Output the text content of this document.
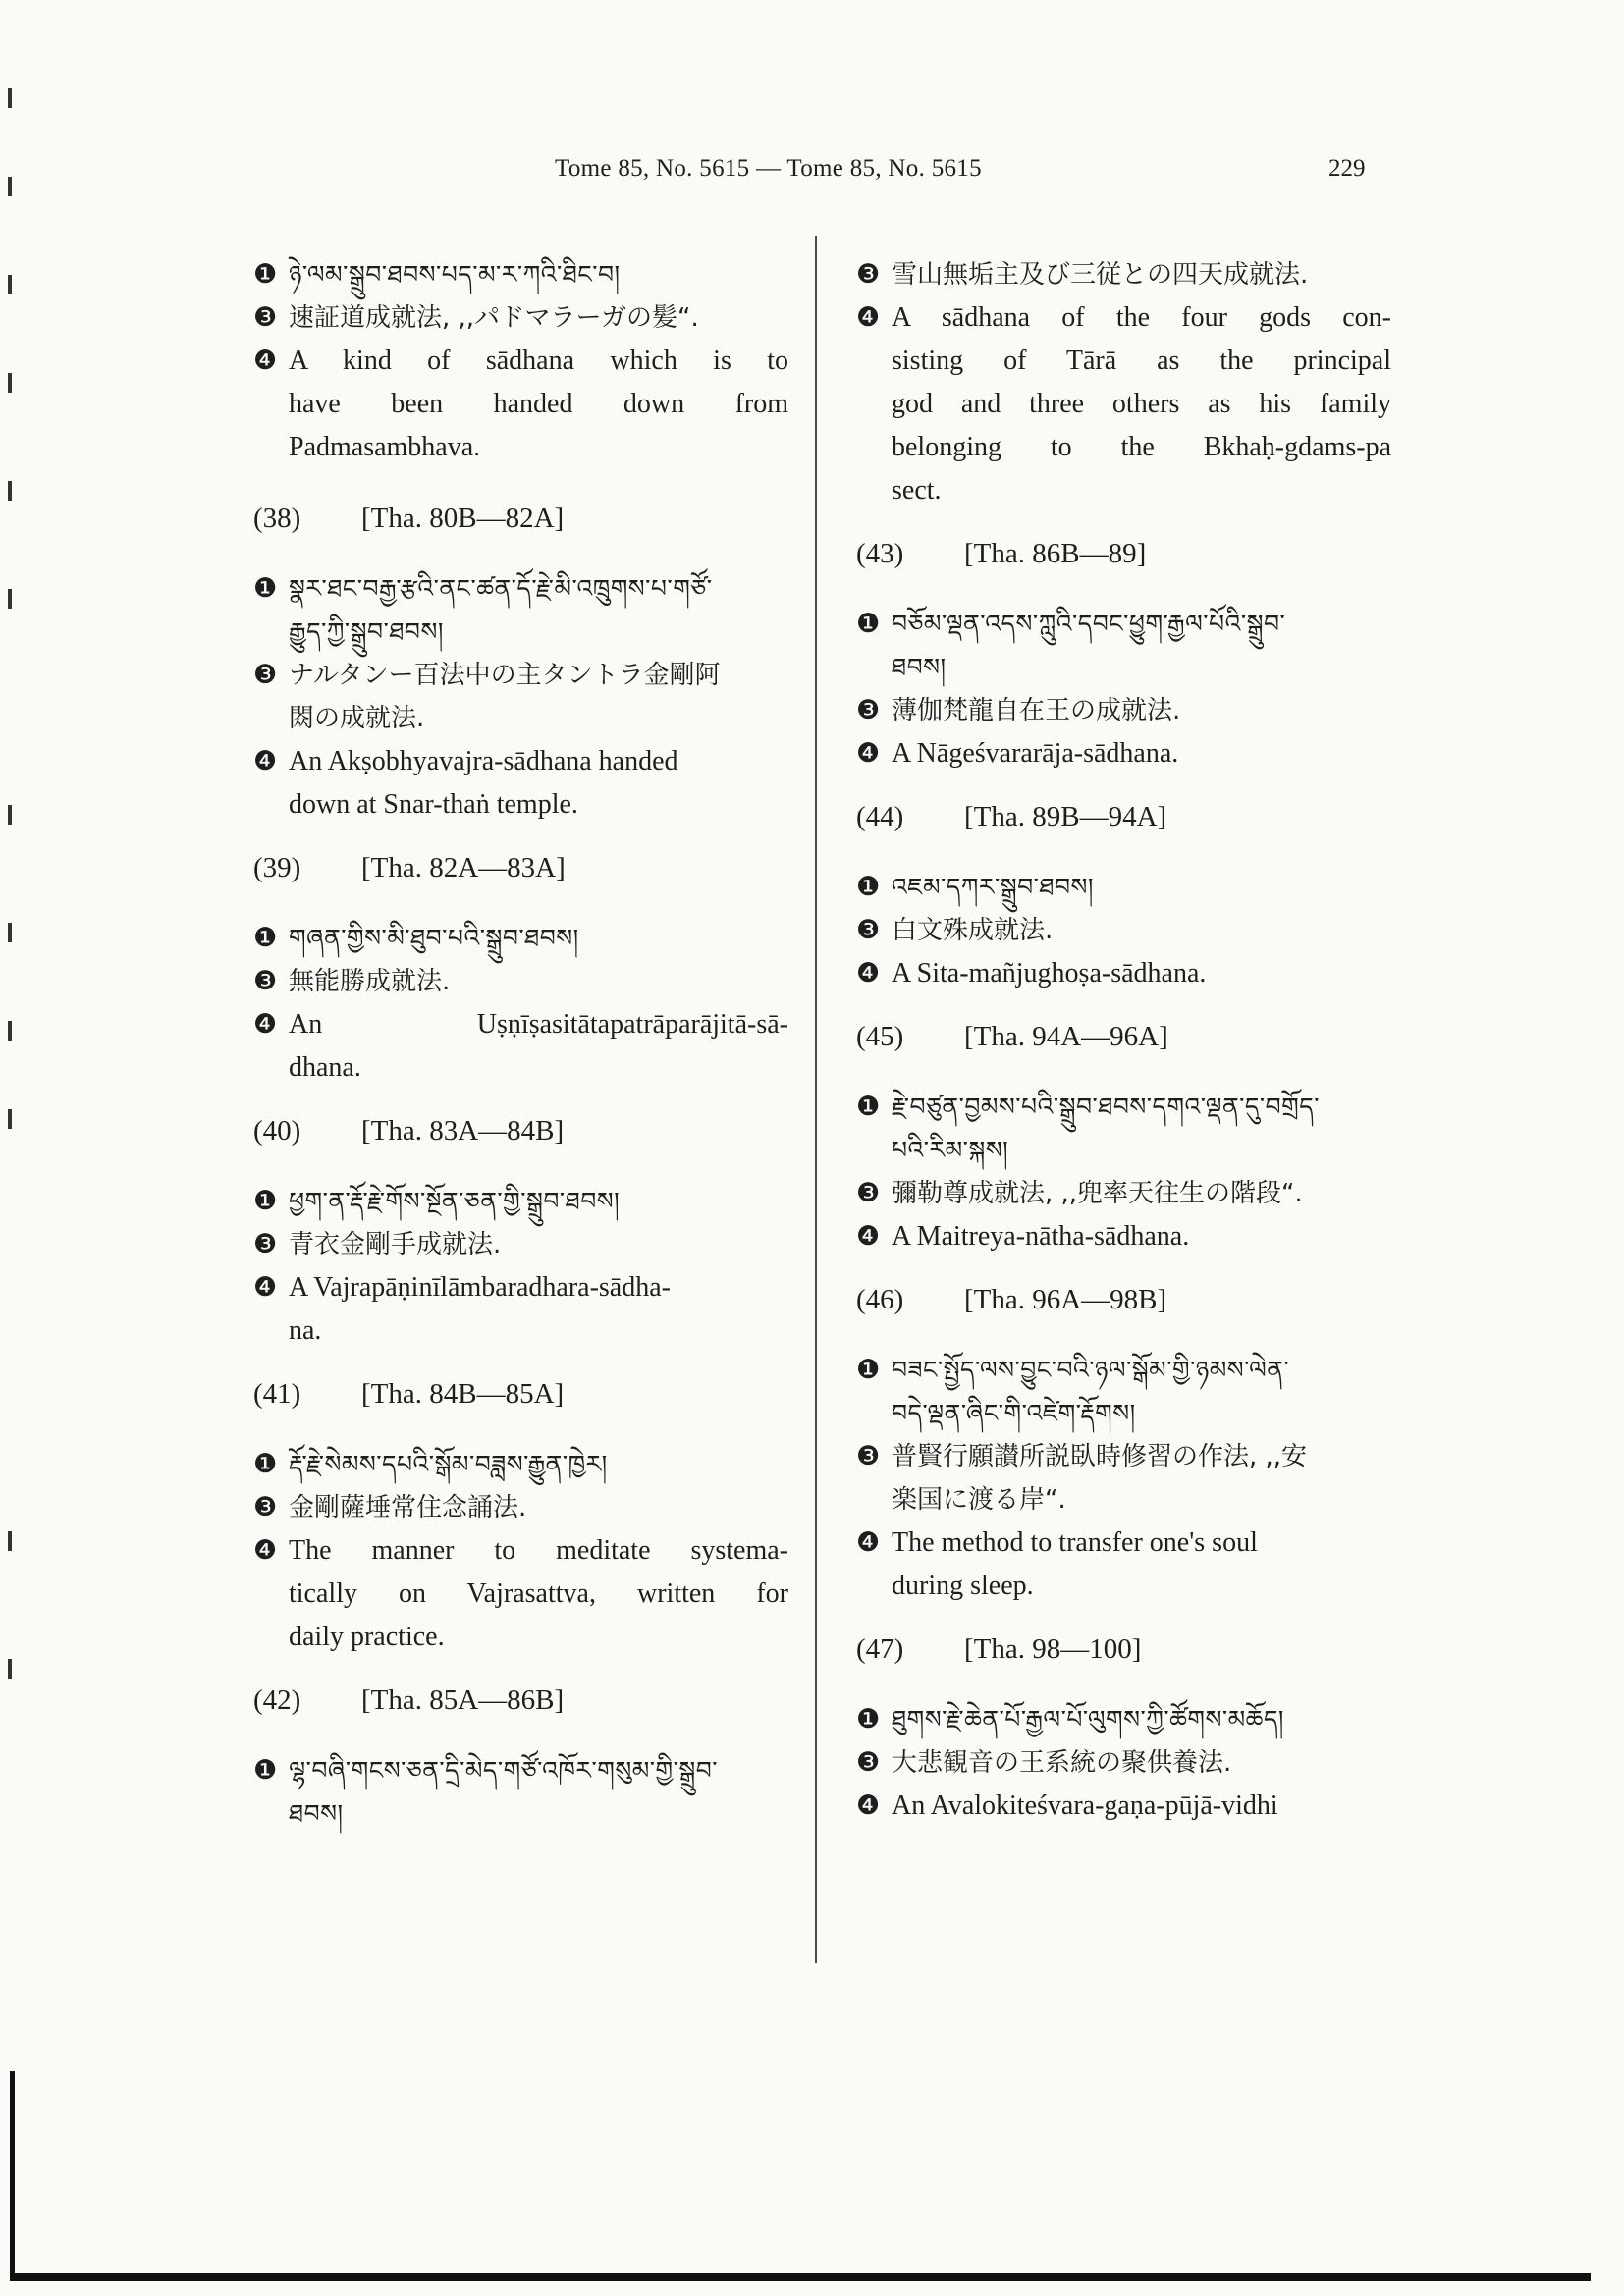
Tome 85, No. 5615 — Tome 85, No. 5615	229
❶ ཉེ་ལམ་སྒྲུབ་ཐབས་པད་མ་ར་ཀའི་ཐིང་བ།
❸ 速証道成就法, ,,パドマラーガの髪“.
❹ A kind of sādhana which is to
have been handed down from
Padmasambhava.
(38)	[Tha. 80B—82A]
❶ སྣར་ཐང་བརྒྱ་རྩའི་ནང་ཚན་དོ་རྗེ་མི་འཁྲུགས་པ་གཙོ་
རྒྱུད་ཀྱི་སྒྲུབ་ཐབས།
❸ ナルタンー百法中の主タントラ金剛阿
閦の成就法.
❹ An Akṣobhyavajra-sādhana handed
down at Snar-thaṅ temple.
(39)	[Tha. 82A—83A]
❶ གཞན་གྱིས་མི་ཐུབ་པའི་སྒྲུབ་ཐབས།
❸ 無能勝成就法.
❹ An Uṣṇīṣasitātapatrāparājitā-sā-
dhana.
(40)	[Tha. 83A—84B]
❶ ཕྱག་ན་རྡོ་རྗེ་གོས་སྔོན་ཅན་གྱི་སྒྲུབ་ཐབས།
❸ 青衣金剛手成就法.
❹ A Vajrapāṇinīlāmbaradhara-sādha-
na.
(41)	[Tha. 84B—85A]
❶ རྡོ་རྗེ་སེམས་དཔའི་སྒོམ་བཟླས་རྒྱུན་ཁྱེར།
❸ 金剛薩埵常住念誦法.
❹ The manner to meditate systema-
tically on Vajrasattva, written for
daily practice.
(42)	[Tha. 85A—86B]
❶ ལྷ་བཞི་གངས་ཅན་དྲི་མེད་གཙོ་འཁོར་གསུམ་གྱི་སྒྲུབ་
ཐབས།
❸ 雪山無垢主及び三従との四天成就法.
❹ A sādhana of the four gods con-
sisting of Tārā as the principal
god and three others as his family
belonging to the Bkhaḥ-gdams-pa
sect.
(43)	[Tha. 86B—89]
❶ བཅོམ་ལྡན་འདས་ཀླུའི་དབང་ཕྱུག་རྒྱལ་པོའི་སྒྲུབ་
ཐབས།
❸ 薄伽梵龍自在王の成就法.
❹ A Nāgeśvararāja-sādhana.
(44)	[Tha. 89B—94A]
❶ འཇམ་དཀར་སྒྲུབ་ཐབས།
❸ 白文殊成就法.
❹ A Sita-mañjughoṣa-sādhana.
(45)	[Tha. 94A—96A]
❶ རྗེ་བཙུན་བྱམས་པའི་སྒྲུབ་ཐབས་དགའ་ལྡན་དུ་བགྲོད་
པའི་རིམ་སྐས།
❸ 彌勒尊成就法, ,,兜率天往生の階段“.
❹ A Maitreya-nātha-sādhana.
(46)	[Tha. 96A—98B]
❶ བཟང་སྤྱོད་ལས་བྱུང་བའི་ཉལ་སྒོམ་གྱི་ཉམས་ལེན་
བདེ་ལྡན་ཞིང་གི་འཛེག་རྡོགས།
❸ 普賢行願讃所説臥時修習の作法, ,,安
楽国に渡る岸“.
❹ The method to transfer one's soul
during sleep.
(47)	[Tha. 98—100]
❶ ཐུགས་རྗེ་ཆེན་པོ་རྒྱལ་པོ་ལུགས་ཀྱི་ཚོགས་མཆོད།
❸ 大悲観音の王系統の聚供養法.
❹ An Avalokiteśvara-gaṇa-pūjā-vidhi
